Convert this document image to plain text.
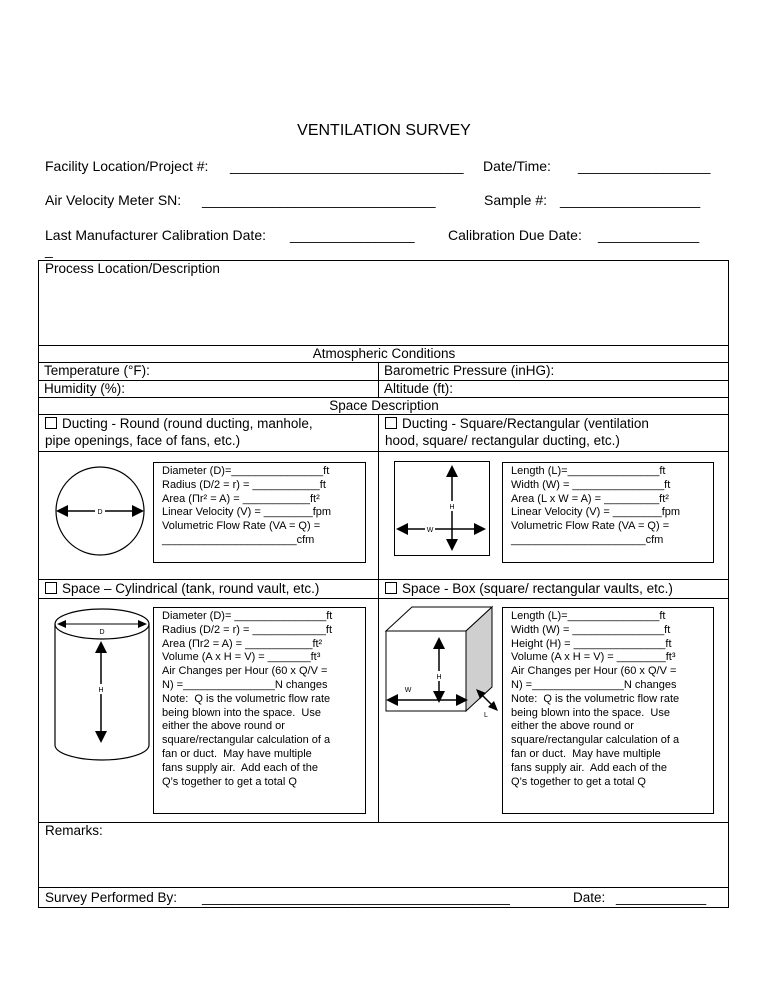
VENTILATION SURVEY
Facility Location/Project #: ______________________________ Date/Time: _________________
Air Velocity Meter SN: ______________________________	Sample #: __________________
Last Manufacturer Calibration Date: ________________ Calibration Due Date: _____________
_
Process Location/Description
Atmospheric Conditions
Temperature (°F):	Barometric Pressure (inHG):
Humidity (%):	Altitude (ft):
Space Description
Ducting - Round (round ducting, manhole,
pipe openings, face of fans, etc.)
Ducting - Square/Rectangular (ventilation
hood, square/ rectangular ducting, etc.)
D
Diameter (D)=_______________ft
Radius (D/2 = r) = ___________ft
Area (Πr² = A) = ___________ft²
Linear Velocity (V) = ________fpm
Volumetric Flow Rate (VA = Q) =
______________________cfm
H
W
Length (L)=_______________ft
Width (W) = _______________ft
Area (L x W = A) = _________ft²
Linear Velocity (V) = ________fpm
Volumetric Flow Rate (VA = Q) =
______________________cfm
Space – Cylindrical (tank, round vault, etc.)	Space - Box (square/ rectangular vaults, etc.)
D
H
Diameter (D)= _______________ft
Radius (D/2 = r) = ____________ft
Area (Πr2 = A) = ___________ft²
Volume (A x H = V) = _______ft³
Air Changes per Hour (60 x Q/V =
N) =_______________N changes
Note:  Q is the volumetric flow rate
being blown into the space.  Use
either the above round or
square/rectangular calculation of a
fan or duct.  May have multiple
fans supply air.  Add each of the
Q’s together to get a total Q
H
W
L
Length (L)=_______________ft
Width (W) = _______________ft
Height (H) = _______________ft
Volume (A x H = V) = ________ft³
Air Changes per Hour (60 x Q/V =
N) =_______________N changes
Note:  Q is the volumetric flow rate
being blown into the space.  Use
either the above round or
square/rectangular calculation of a
fan or duct.  May have multiple
fans supply air.  Add each of the
Q’s together to get a total Q
Remarks:
Survey Performed By: _________________________________________	Date: ____________
